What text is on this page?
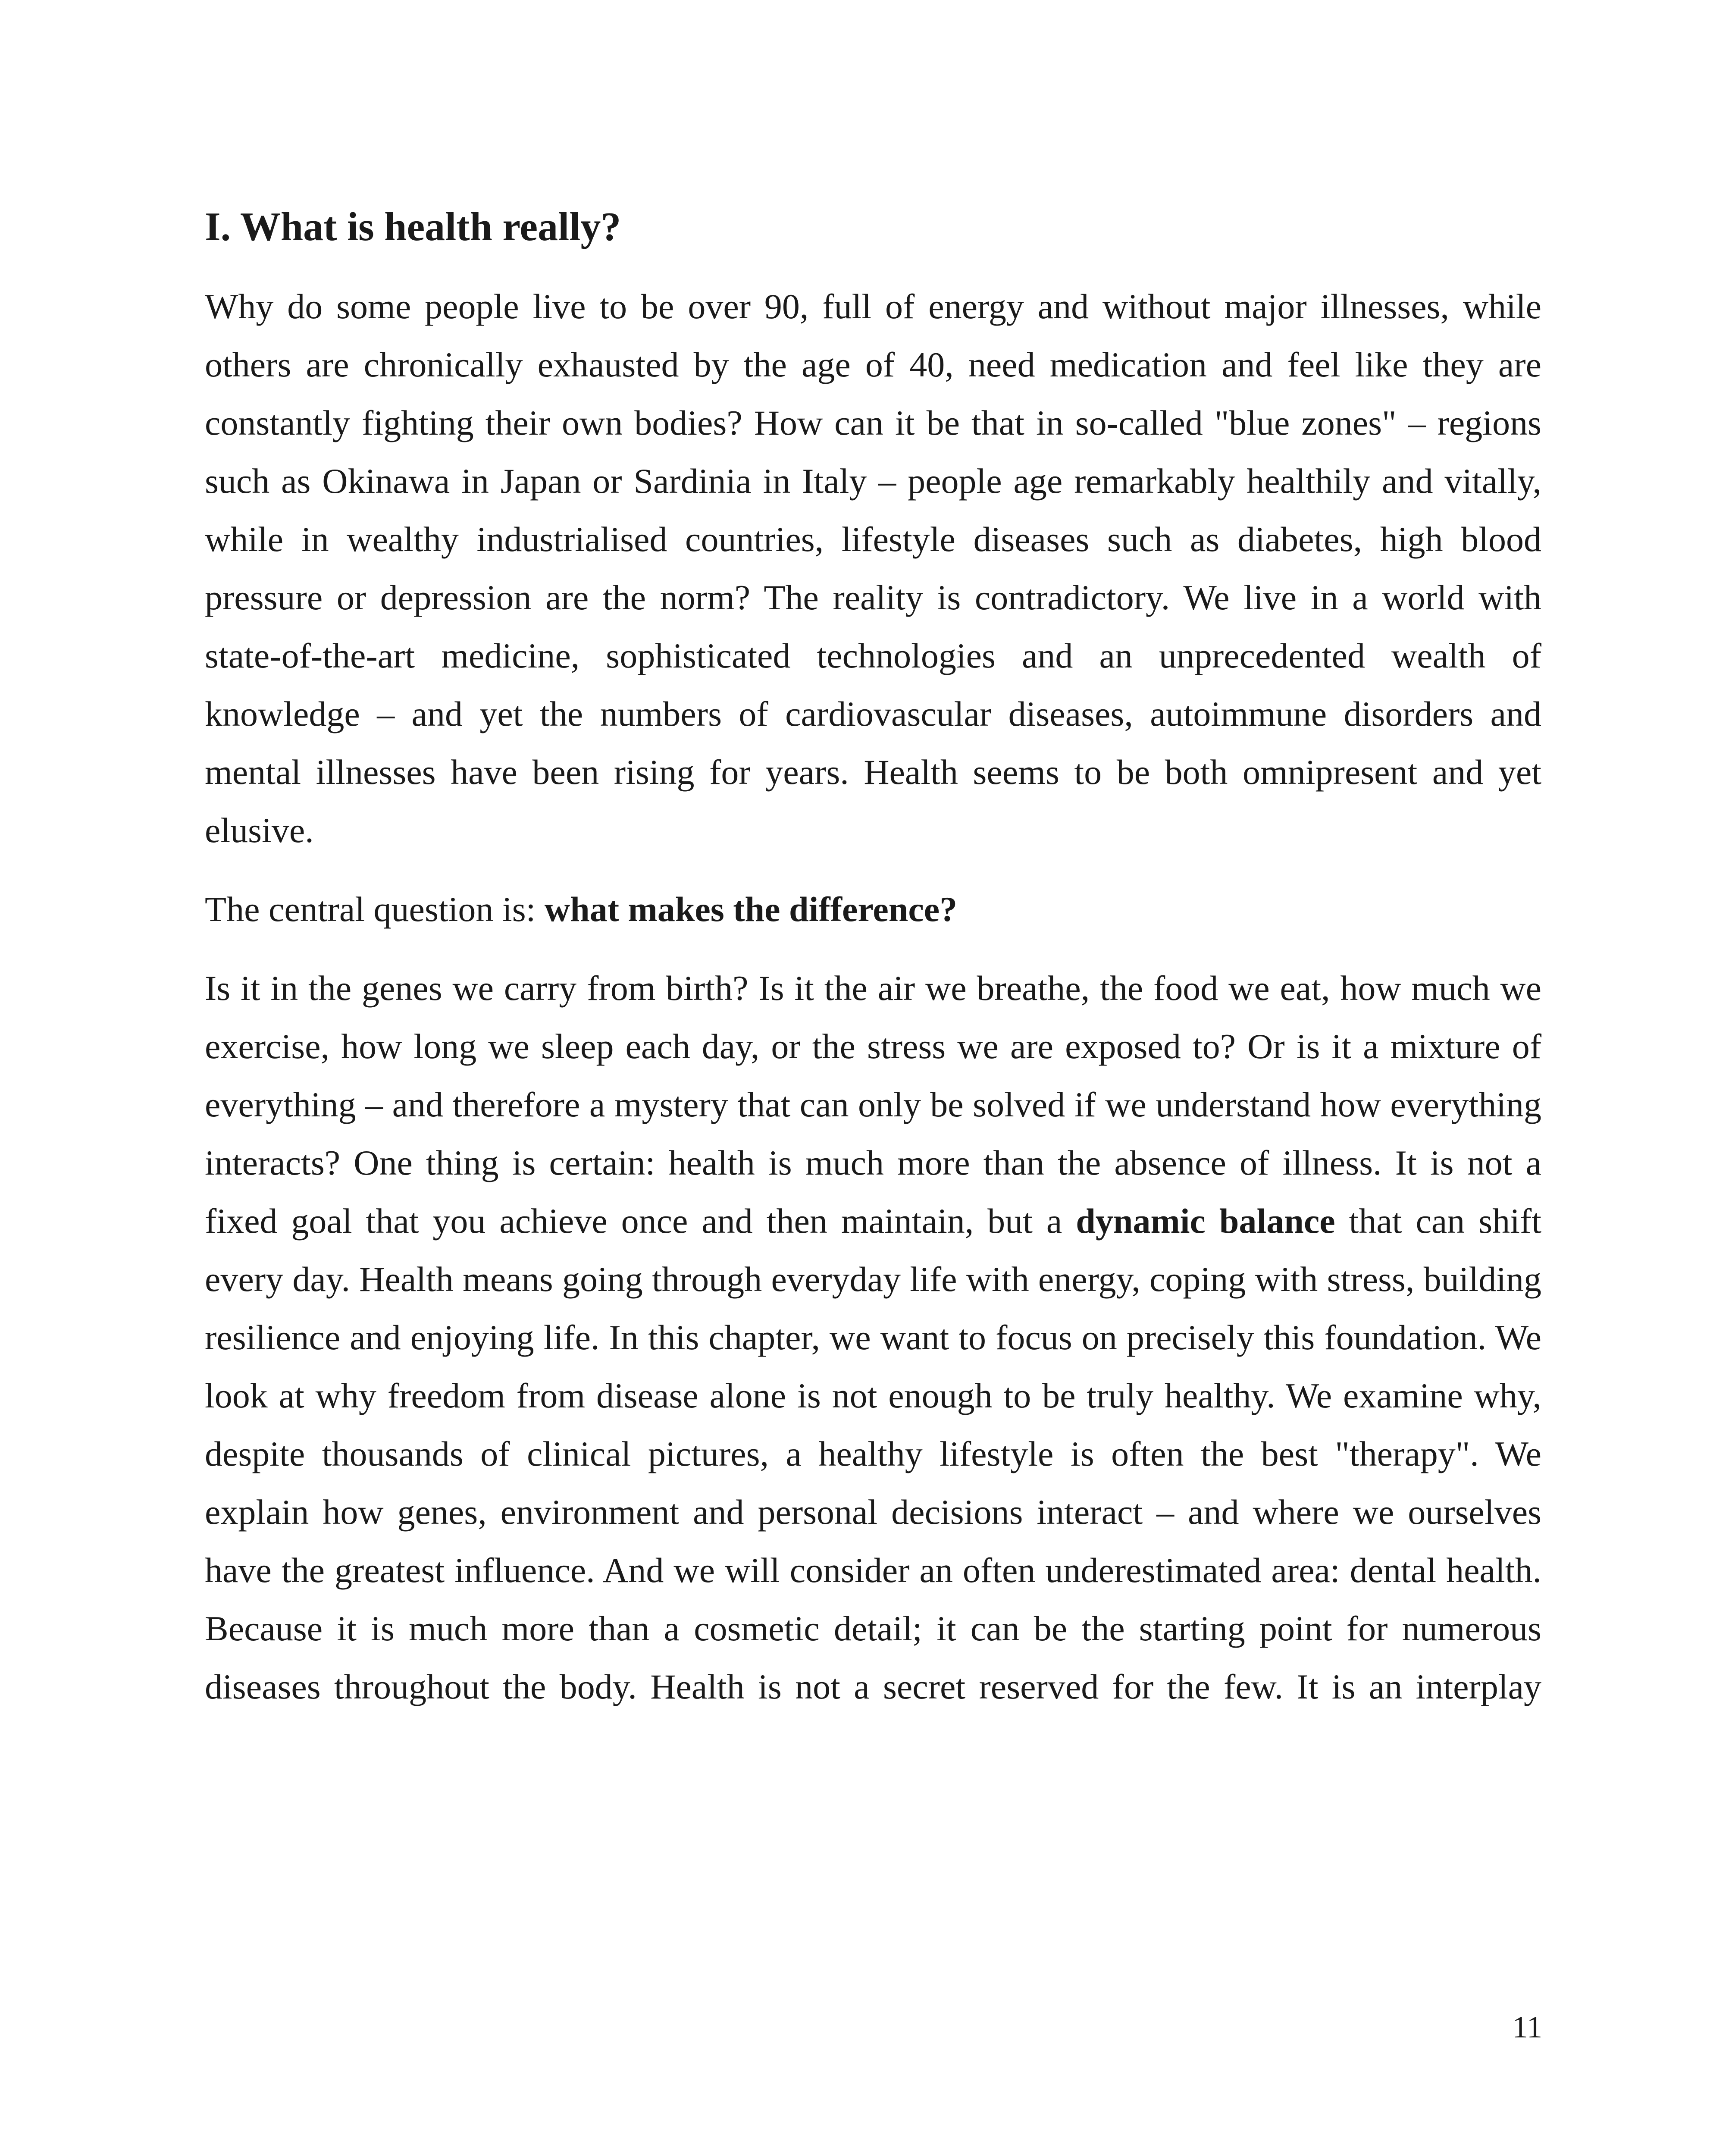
I. What is health really?

Why do some people live to be over 90, full of energy and without major illnesses, while others are chronically exhausted by the age of 40, need medication and feel like they are constantly fighting their own bodies? How can it be that in so-called "blue zones" – regions such as Okinawa in Japan or Sardinia in Italy – people age remarkably healthily and vitally, while in wealthy industrialised countries, lifestyle diseases such as diabetes, high blood pressure or depression are the norm? The reality is contradictory. We live in a world with state-of-the-art medicine, sophisticated technologies and an unprecedented wealth of knowledge – and yet the numbers of cardiovascular diseases, autoimmune disorders and mental illnesses have been rising for years. Health seems to be both omnipresent and yet elusive.

The central question is: what makes the difference?

Is it in the genes we carry from birth? Is it the air we breathe, the food we eat, how much we exercise, how long we sleep each day, or the stress we are exposed to? Or is it a mixture of everything – and therefore a mystery that can only be solved if we understand how everything interacts? One thing is certain: health is much more than the absence of illness. It is not a fixed goal that you achieve once and then maintain, but a dynamic balance that can shift every day. Health means going through everyday life with energy, coping with stress, building resilience and enjoying life. In this chapter, we want to focus on precisely this foundation. We look at why freedom from disease alone is not enough to be truly healthy. We examine why, despite thousands of clinical pictures, a healthy lifestyle is often the best "therapy". We explain how genes, environment and personal decisions interact – and where we ourselves have the greatest influence. And we will consider an often underestimated area: dental health. Because it is much more than a cosmetic detail; it can be the starting point for numerous diseases throughout the body. Health is not a secret reserved for the few. It is an interplay

11
